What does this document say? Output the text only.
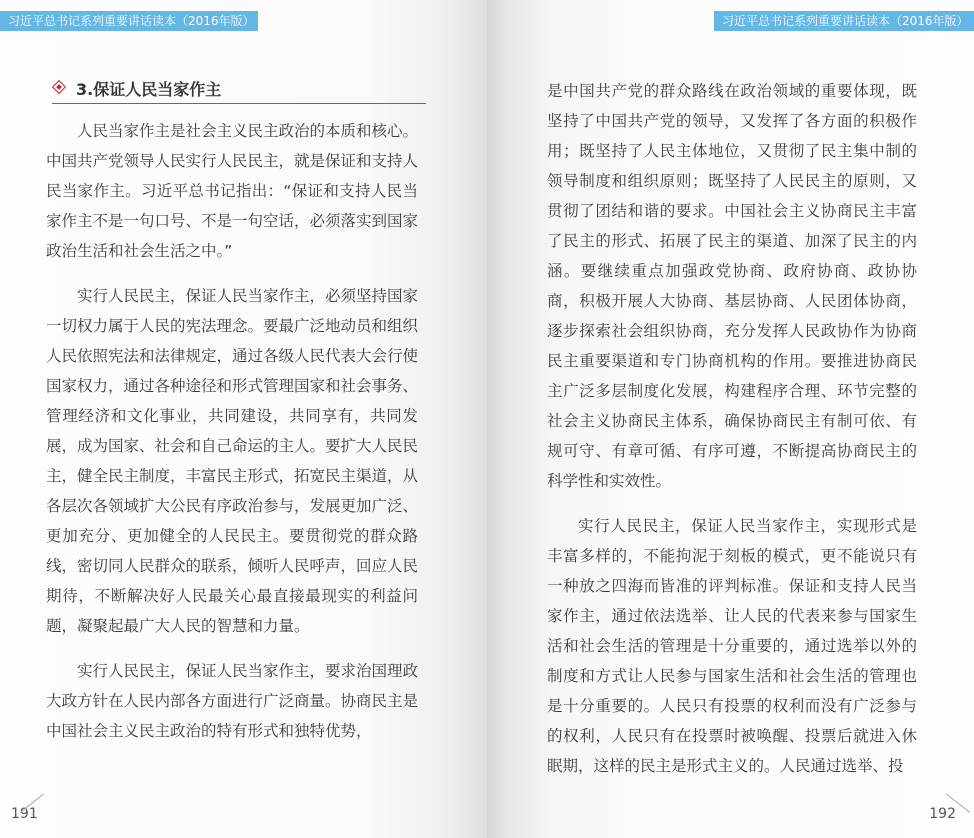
习近平总书记系列重要讲话读本（2016年版）
3.保证人民当家作主

人民当家作主是社会主义民主政治的本质和核心。中国共产党领导人民实行人民民主，就是保证和支持人民当家作主。习近平总书记指出：“保证和支持人民当家作主不是一句口号、不是一句空话，必须落实到国家政治生活和社会生活之中。”

实行人民民主，保证人民当家作主，必须坚持国家一切权力属于人民的宪法理念。要最广泛地动员和组织人民依照宪法和法律规定，通过各级人民代表大会行使国家权力，通过各种途径和形式管理国家和社会事务、管理经济和文化事业，共同建设，共同享有，共同发展，成为国家、社会和自己命运的主人。要扩大人民民主，健全民主制度，丰富民主形式，拓宽民主渠道，从各层次各领域扩大公民有序政治参与，发展更加广泛、更加充分、更加健全的人民民主。要贯彻党的群众路线，密切同人民群众的联系，倾听人民呼声，回应人民期待，不断解决好人民最关心最直接最现实的利益问题，凝聚起最广大人民的智慧和力量。

实行人民民主，保证人民当家作主，要求治国理政大政方针在人民内部各方面进行广泛商量。协商民主是中国社会主义民主政治的特有形式和独特优势，

191
习近平总书记系列重要讲话读本（2016年版）

是中国共产党的群众路线在政治领域的重要体现，既坚持了中国共产党的领导，又发挥了各方面的积极作用；既坚持了人民主体地位，又贯彻了民主集中制的领导制度和组织原则；既坚持了人民民主的原则，又贯彻了团结和谐的要求。中国社会主义协商民主丰富了民主的形式、拓展了民主的渠道、加深了民主的内涵。要继续重点加强政党协商、政府协商、政协协商，积极开展人大协商、基层协商、人民团体协商，逐步探索社会组织协商，充分发挥人民政协作为协商民主重要渠道和专门协商机构的作用。要推进协商民主广泛多层制度化发展，构建程序合理、环节完整的社会主义协商民主体系，确保协商民主有制可依、有规可守、有章可循、有序可遵，不断提高协商民主的科学性和实效性。

实行人民民主，保证人民当家作主，实现形式是丰富多样的，不能拘泥于刻板的模式，更不能说只有一种放之四海而皆准的评判标准。保证和支持人民当家作主，通过依法选举、让人民的代表来参与国家生活和社会生活的管理是十分重要的，通过选举以外的制度和方式让人民参与国家生活和社会生活的管理也是十分重要的。人民只有投票的权利而没有广泛参与的权利，人民只有在投票时被唤醒、投票后就进入休眠期，这样的民主是形式主义的。人民通过选举、投

192
